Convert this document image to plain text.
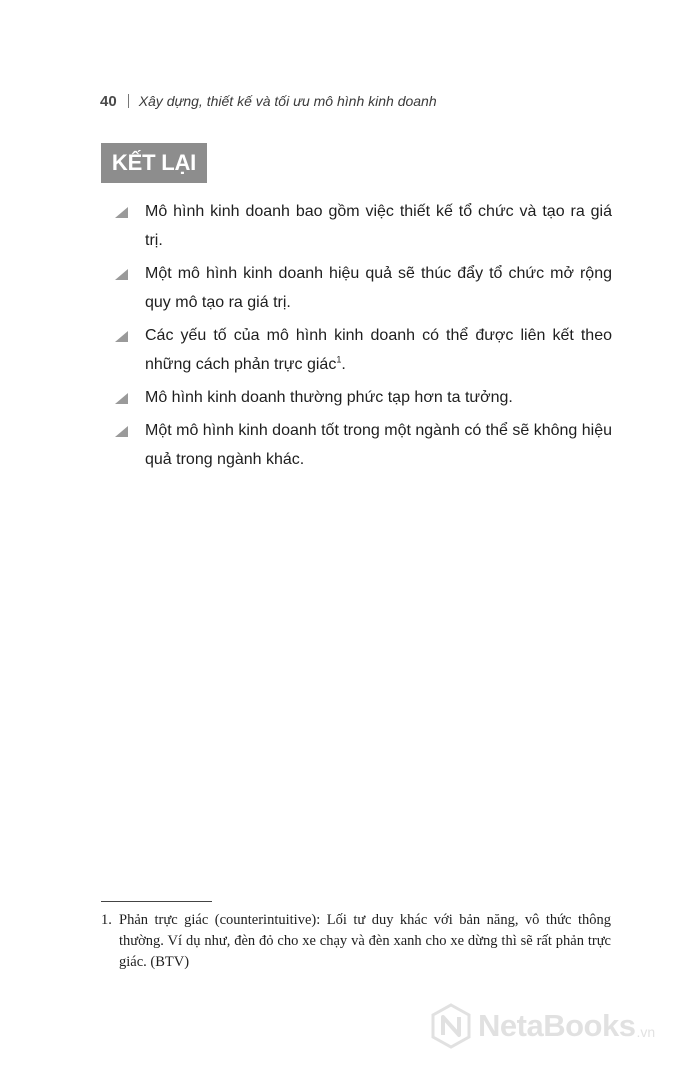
40 Xây dựng, thiết kế và tối ưu mô hình kinh doanh
KẾT LẠI
Mô hình kinh doanh bao gồm việc thiết kế tổ chức và tạo ra giá trị.
Một mô hình kinh doanh hiệu quả sẽ thúc đẩy tổ chức mở rộng quy mô tạo ra giá trị.
Các yếu tố của mô hình kinh doanh có thể được liên kết theo những cách phản trực giác$^1$.
Mô hình kinh doanh thường phức tạp hơn ta tưởng.
Một mô hình kinh doanh tốt trong một ngành có thể sẽ không hiệu quả trong ngành khác.
1. Phản trực giác (counterintuitive): Lối tư duy khác với bản năng, vô thức thông thường. Ví dụ như, đèn đỏ cho xe chạy và đèn xanh cho xe dừng thì sẽ rất phản trực giác. (BTV)
NetaBooks .vn
